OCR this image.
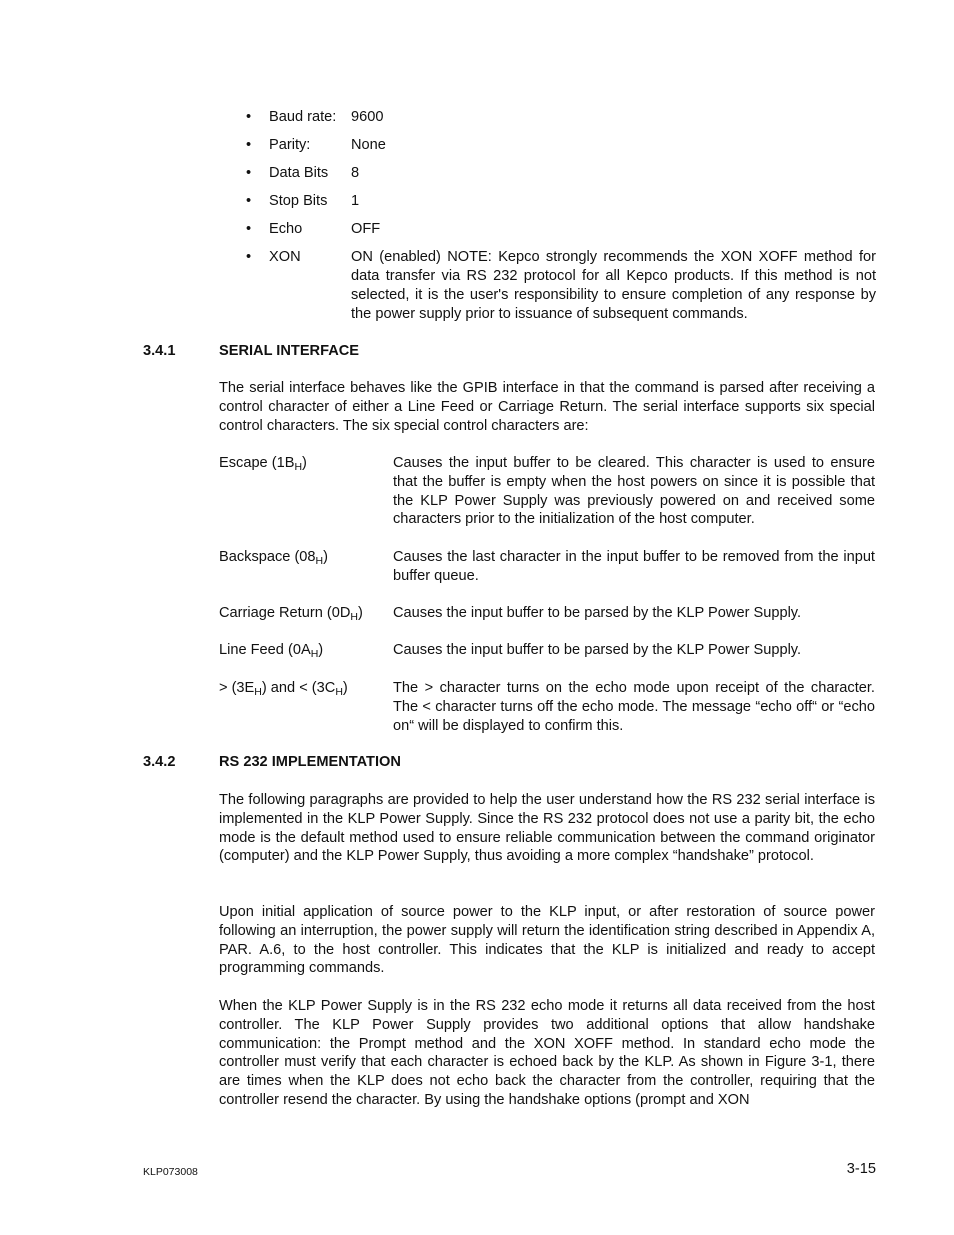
•	Baud rate:	9600
•	Parity:	None
•	Data Bits	8
•	Stop Bits	1
•	Echo	OFF
•	XON	ON (enabled) NOTE: Kepco strongly recommends the XON XOFF method for data transfer via RS 232 protocol for all Kepco products. If this method is not selected, it is the user's responsibility to ensure completion of any response by the power supply prior to issuance of subsequent commands.
3.4.1	SERIAL INTERFACE

The serial interface behaves like the GPIB interface in that the command is parsed after receiving a control character of either a Line Feed or Carriage Return. The serial interface supports six special control characters. The six special control characters are:

Escape $(1B_H)$	Causes the input buffer to be cleared. This character is used to ensure that the buffer is empty when the host powers on since it is possible that the KLP Power Supply was previously powered on and received some characters prior to the initialization of the host computer.
Backspace $(08_H)$	Causes the last character in the input buffer to be removed from the input buffer queue.
Carriage Return $(0D_H)$	Causes the input buffer to be parsed by the KLP Power Supply.
Line Feed $(0A_H)$	Causes the input buffer to be parsed by the KLP Power Supply.
> $(3E_H)$ and < $(3C_H)$	The > character turns on the echo mode upon receipt of the character. The < character turns off the echo mode. The message “echo off“ or “echo on“ will be displayed to confirm this.
3.4.2	RS 232 IMPLEMENTATION

The following paragraphs are provided to help the user understand how the RS 232 serial interface is implemented in the KLP Power Supply. Since the RS 232 protocol does not use a parity bit, the echo mode is the default method used to ensure reliable communication between the command originator (computer) and the KLP Power Supply, thus avoiding a more complex “handshake” protocol.

Upon initial application of source power to the KLP input, or after restoration of source power following an interruption, the power supply will return the identification string described in Appendix A, PAR. A.6, to the host controller. This indicates that the KLP is initialized and ready to accept programming commands.

When the KLP Power Supply is in the RS 232 echo mode it returns all data received from the host controller. The KLP Power Supply provides two additional options that allow handshake communication: the Prompt method and the XON XOFF method. In standard echo mode the controller must verify that each character is echoed back by the KLP. As shown in Figure 3-1, there are times when the KLP does not echo back the character from the controller, requiring that the controller resend the character. By using the handshake options (prompt and XON

KLP073008	3-15
